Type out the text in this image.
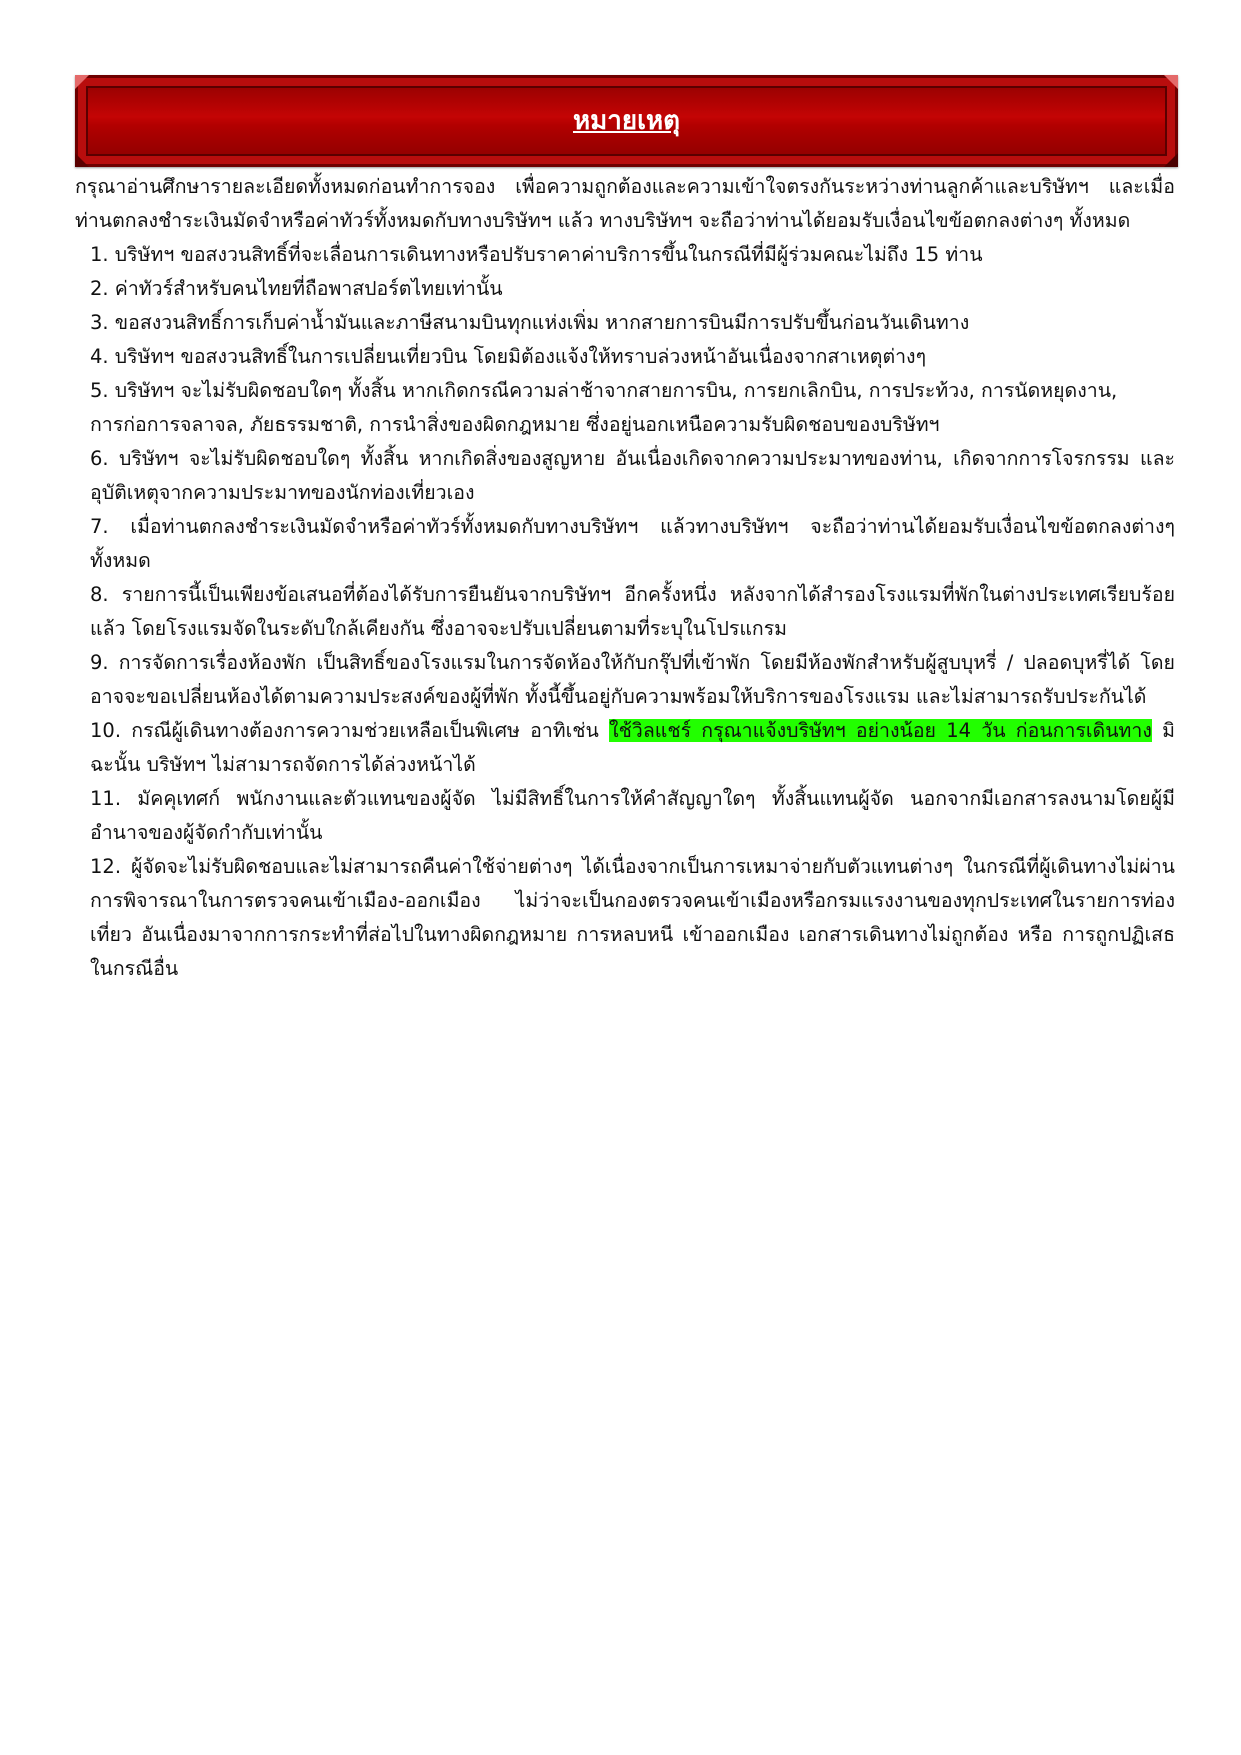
หมายเหตุ

กรุณาอ่านศึกษารายละเอียดทั้งหมดก่อนทำการจอง เพื่อความถูกต้องและความเข้าใจตรงกันระหว่างท่านลูกค้าและบริษัทฯ และเมื่อท่านตกลงชำระเงินมัดจำหรือค่าทัวร์ทั้งหมดกับทางบริษัทฯ แล้ว ทางบริษัทฯ จะถือว่าท่านได้ยอมรับเงื่อนไขข้อตกลงต่างๆ ทั้งหมด

1. บริษัทฯ ขอสงวนสิทธิ์ที่จะเลื่อนการเดินทางหรือปรับราคาค่าบริการขึ้นในกรณีที่มีผู้ร่วมคณะไม่ถึง 15 ท่าน
2. ค่าทัวร์สำหรับคนไทยที่ถือพาสปอร์ตไทยเท่านั้น
3. ขอสงวนสิทธิ์การเก็บค่าน้ำมันและภาษีสนามบินทุกแห่งเพิ่ม หากสายการบินมีการปรับขึ้นก่อนวันเดินทาง
4. บริษัทฯ ขอสงวนสิทธิ์ในการเปลี่ยนเที่ยวบิน โดยมิต้องแจ้งให้ทราบล่วงหน้าอันเนื่องจากสาเหตุต่างๆ
5. บริษัทฯ จะไม่รับผิดชอบใดๆ ทั้งสิ้น หากเกิดกรณีความล่าช้าจากสายการบิน, การยกเลิกบิน, การประท้วง, การนัดหยุดงาน,
การก่อการจลาจล, ภัยธรรมชาติ, การนำสิ่งของผิดกฎหมาย ซึ่งอยู่นอกเหนือความรับผิดชอบของบริษัทฯ
6. บริษัทฯ จะไม่รับผิดชอบใดๆ ทั้งสิ้น หากเกิดสิ่งของสูญหาย อันเนื่องเกิดจากความประมาทของท่าน, เกิดจากการโจรกรรม และ อุบัติเหตุจากความประมาทของนักท่องเที่ยวเอง
7. เมื่อท่านตกลงชำระเงินมัดจำหรือค่าทัวร์ทั้งหมดกับทางบริษัทฯ แล้วทางบริษัทฯ จะถือว่าท่านได้ยอมรับเงื่อนไขข้อตกลงต่างๆ ทั้งหมด
8. รายการนี้เป็นเพียงข้อเสนอที่ต้องได้รับการยืนยันจากบริษัทฯ อีกครั้งหนึ่ง หลังจากได้สำรองโรงแรมที่พักในต่างประเทศเรียบร้อยแล้ว โดยโรงแรมจัดในระดับใกล้เคียงกัน ซึ่งอาจจะปรับเปลี่ยนตามที่ระบุในโปรแกรม
9. การจัดการเรื่องห้องพัก เป็นสิทธิ์ของโรงแรมในการจัดห้องให้กับกรุ๊ปที่เข้าพัก โดยมีห้องพักสำหรับผู้สูบบุหรี่ / ปลอดบุหรี่ได้ โดยอาจจะขอเปลี่ยนห้องได้ตามความประสงค์ของผู้ที่พัก ทั้งนี้ขึ้นอยู่กับความพร้อมให้บริการของโรงแรม และไม่สามารถรับประกันได้
10. กรณีผู้เดินทางต้องการความช่วยเหลือเป็นพิเศษ อาทิเช่น ใช้วิลแชร์ กรุณาแจ้งบริษัทฯ อย่างน้อย 14 วัน ก่อนการเดินทาง มิฉะนั้น บริษัทฯ ไม่สามารถจัดการได้ล่วงหน้าได้
11. มัคคุเทศก์ พนักงานและตัวแทนของผู้จัด ไม่มีสิทธิ์ในการให้คำสัญญาใดๆ ทั้งสิ้นแทนผู้จัด นอกจากมีเอกสารลงนามโดยผู้มีอำนาจของผู้จัดกำกับเท่านั้น
12. ผู้จัดจะไม่รับผิดชอบและไม่สามารถคืนค่าใช้จ่ายต่างๆ ได้เนื่องจากเป็นการเหมาจ่ายกับตัวแทนต่างๆ ในกรณีที่ผู้เดินทางไม่ผ่านการพิจารณาในการตรวจคนเข้าเมือง-ออกเมือง ไม่ว่าจะเป็นกองตรวจคนเข้าเมืองหรือกรมแรงงานของทุกประเทศในรายการท่องเที่ยว อันเนื่องมาจากการกระทำที่ส่อไปในทางผิดกฎหมาย การหลบหนี เข้าออกเมือง เอกสารเดินทางไม่ถูกต้อง หรือ การถูกปฏิเสธในกรณีอื่น
